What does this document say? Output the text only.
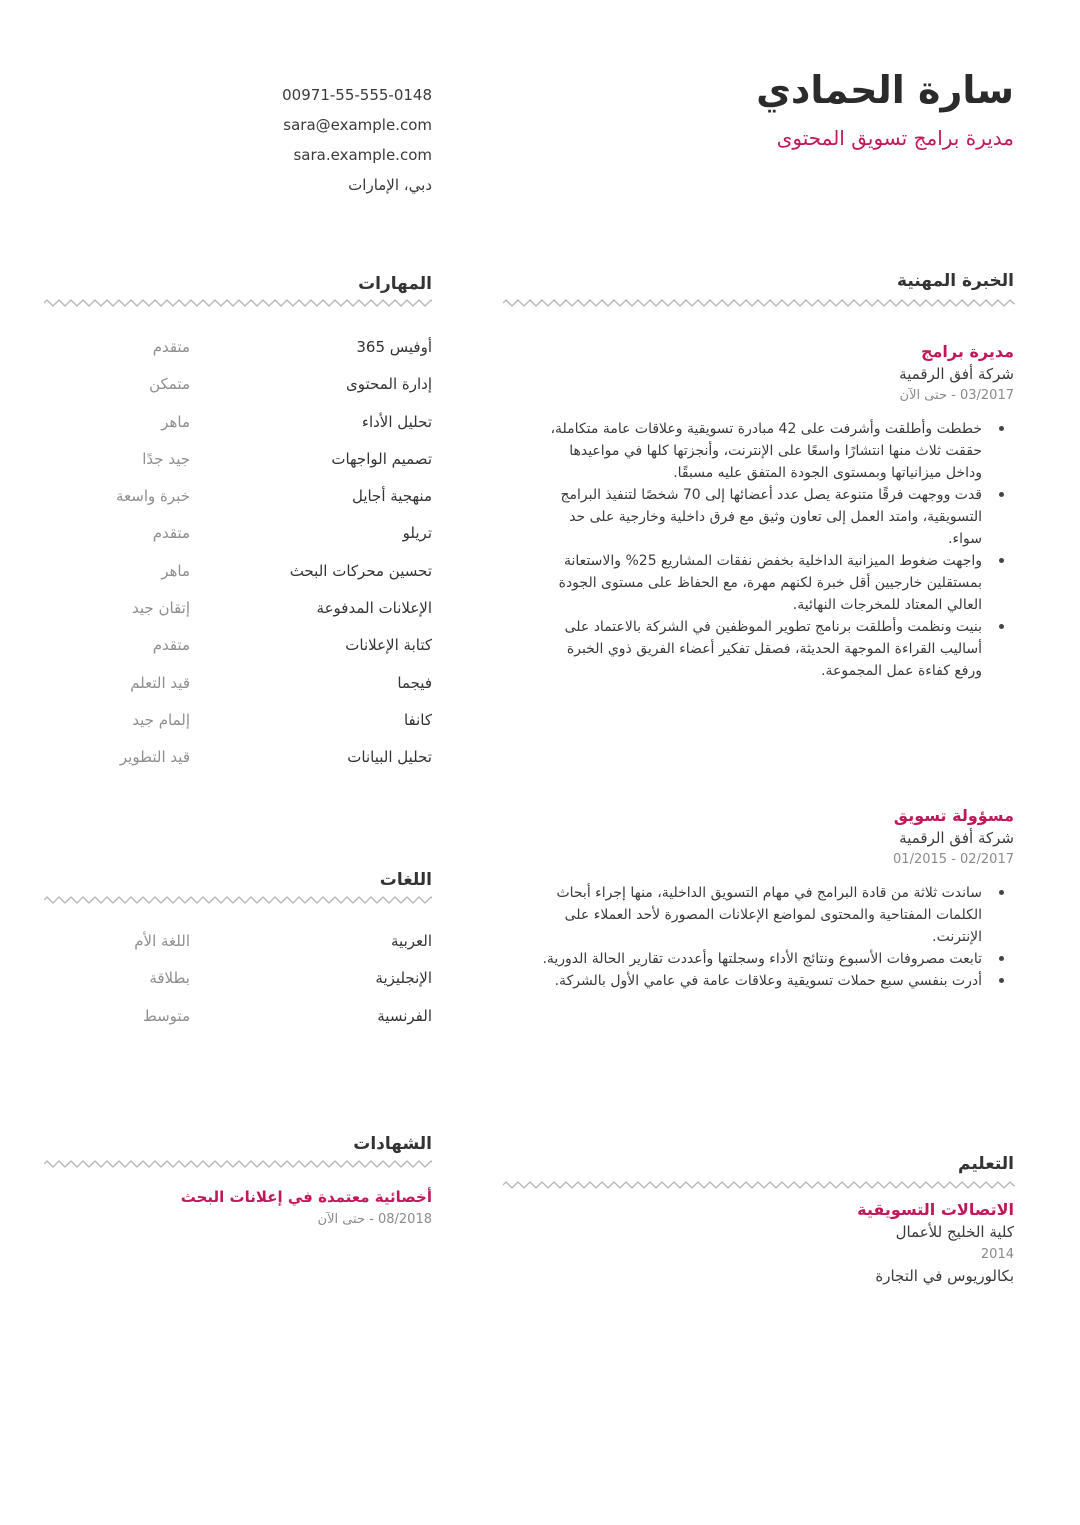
سارة الحمادي
مديرة برامج تسويق المحتوى
00971-55-555-0148
sara@example.com
sara.example.com
دبي، الإمارات
الخبرة المهنية
مديرة برامج
شركة أفق الرقمية
03/2017 - حتى الآن
خططت وأطلقت وأشرفت على 42 مبادرة تسويقية وعلاقات عامة متكاملة، حققت ثلاث منها انتشارًا واسعًا على الإنترنت، وأنجزتها كلها في مواعيدها وداخل ميزانياتها وبمستوى الجودة المتفق عليه مسبقًا.
قدت ووجهت فرقًا متنوعة يصل عدد أعضائها إلى 70 شخصًا لتنفيذ البرامج التسويقية، وامتد العمل إلى تعاون وثيق مع فرق داخلية وخارجية على حد سواء.
واجهت ضغوط الميزانية الداخلية بخفض نفقات المشاريع 25% والاستعانة بمستقلين خارجيين أقل خبرة لكنهم مهرة، مع الحفاظ على مستوى الجودة العالي المعتاد للمخرجات النهائية.
بنيت ونظمت وأطلقت برنامج تطوير الموظفين في الشركة بالاعتماد على أساليب القراءة الموجهة الحديثة، فصقل تفكير أعضاء الفريق ذوي الخبرة ورفع كفاءة عمل المجموعة.
مسؤولة تسويق
شركة أفق الرقمية
01/2015 - 02/2017
ساندت ثلاثة من قادة البرامج في مهام التسويق الداخلية، منها إجراء أبحاث الكلمات المفتاحية والمحتوى لمواضع الإعلانات المصورة لأحد العملاء على الإنترنت.
تابعت مصروفات الأسبوع ونتائج الأداء وسجلتها وأعددت تقارير الحالة الدورية.
أدرت بنفسي سبع حملات تسويقية وعلاقات عامة في عامي الأول بالشركة.
المهارات
أوفيس 365
متقدم
إدارة المحتوى
متمكن
تحليل الأداء
ماهر
تصميم الواجهات
جيد جدًا
منهجية أجايل
خبرة واسعة
تريلو
متقدم
تحسين محركات البحث
ماهر
الإعلانات المدفوعة
إتقان جيد
كتابة الإعلانات
متقدم
فيجما
قيد التعلم
كانفا
إلمام جيد
تحليل البيانات
قيد التطوير
اللغات
العربية
اللغة الأم
الإنجليزية
بطلاقة
الفرنسية
متوسط
الشهادات
أخصائية معتمدة في إعلانات البحث
08/2018 - حتى الآن
التعليم
الاتصالات التسويقية
كلية الخليج للأعمال
2014
بكالوريوس في التجارة
